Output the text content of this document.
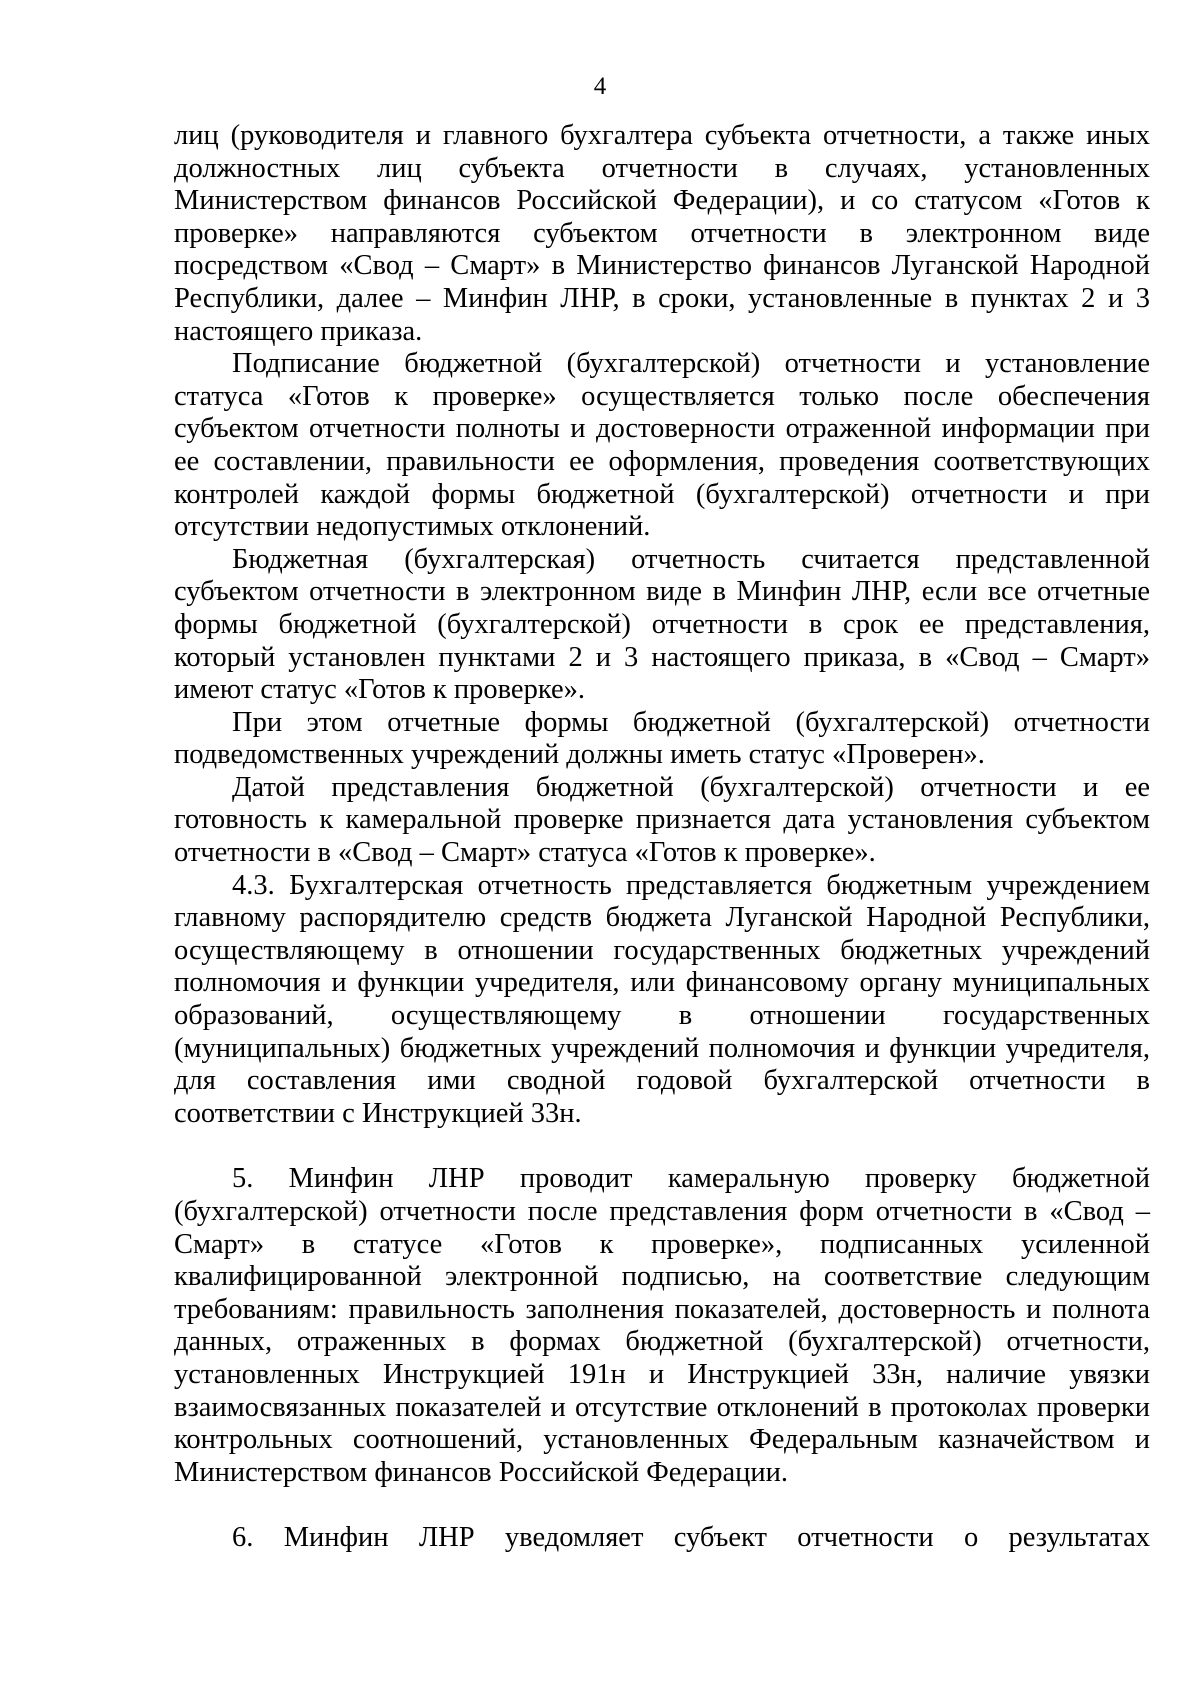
4

лиц (руководителя и главного бухгалтера субъекта отчетности, а также иных должностных лиц субъекта отчетности в случаях, установленных Министерством финансов Российской Федерации), и со статусом «Готов к проверке» направляются субъектом отчетности в электронном виде посредством «Свод – Смарт» в Министерство финансов Луганской Народной Республики, далее – Минфин ЛНР, в сроки, установленные в пунктах 2 и 3 настоящего приказа.

Подписание бюджетной (бухгалтерской) отчетности и установление статуса «Готов к проверке» осуществляется только после обеспечения субъектом отчетности полноты и достоверности отраженной информации при ее составлении, правильности ее оформления, проведения соответствующих контролей каждой формы бюджетной (бухгалтерской) отчетности и при отсутствии недопустимых отклонений.

Бюджетная (бухгалтерская) отчетность считается представленной субъектом отчетности в электронном виде в Минфин ЛНР, если все отчетные формы бюджетной (бухгалтерской) отчетности в срок ее представления, который установлен пунктами 2 и 3 настоящего приказа, в «Свод – Смарт» имеют статус «Готов к проверке».

При этом отчетные формы бюджетной (бухгалтерской) отчетности подведомственных учреждений должны иметь статус «Проверен».

Датой представления бюджетной (бухгалтерской) отчетности и ее готовность к камеральной проверке признается дата установления субъектом отчетности в «Свод – Смарт» статуса «Готов к проверке».

4.3. Бухгалтерская отчетность представляется бюджетным учреждением главному распорядителю средств бюджета Луганской Народной Республики, осуществляющему в отношении государственных бюджетных учреждений полномочия и функции учредителя, или финансовому органу муниципальных образований, осуществляющему в отношении государственных (муниципальных) бюджетных учреждений полномочия и функции учредителя, для составления ими сводной годовой бухгалтерской отчетности в соответствии с Инструкцией 33н.

5. Минфин ЛНР проводит камеральную проверку бюджетной (бухгалтерской) отчетности после представления форм отчетности в «Свод – Смарт» в статусе «Готов к проверке», подписанных усиленной квалифицированной электронной подписью, на соответствие следующим требованиям: правильность заполнения показателей, достоверность и полнота данных, отраженных в формах бюджетной (бухгалтерской) отчетности, установленных Инструкцией 191н и Инструкцией 33н, наличие увязки взаимосвязанных показателей и отсутствие отклонений в протоколах проверки контрольных соотношений, установленных Федеральным казначейством и Министерством финансов Российской Федерации.

6. Минфин ЛНР уведомляет субъект отчетности о результатах
